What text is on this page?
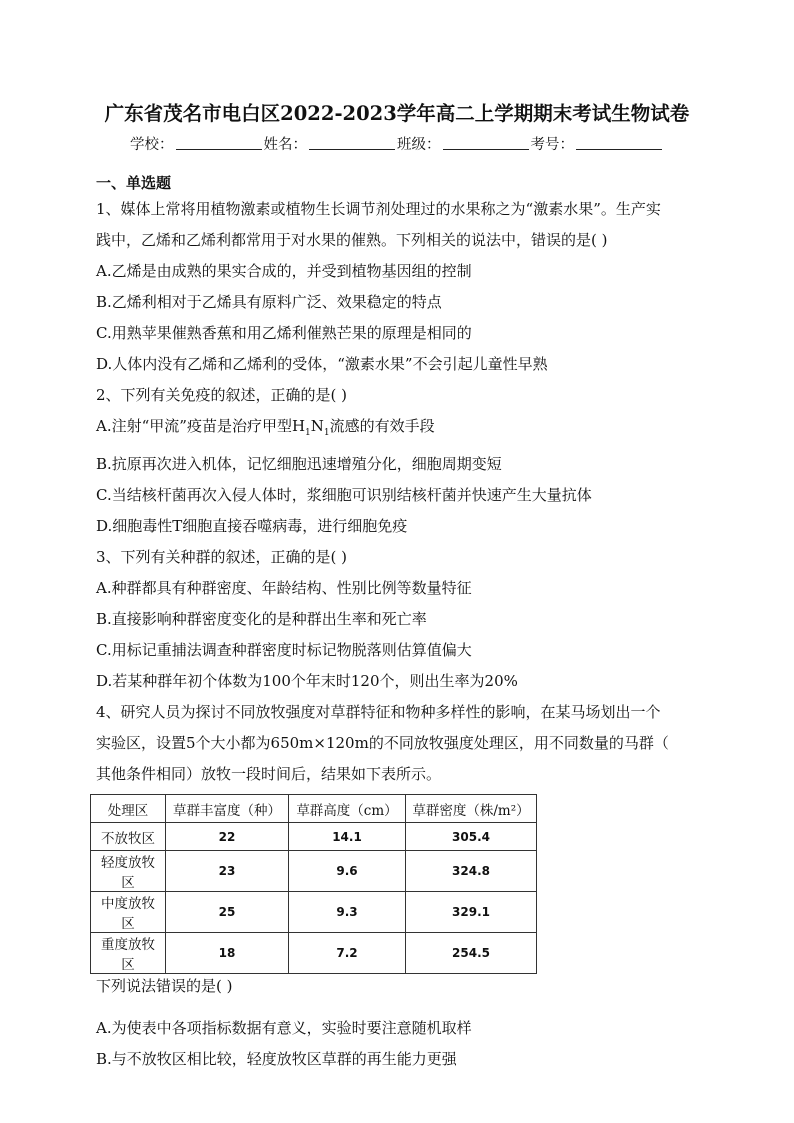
广东省茂名市电白区2022-2023学年高二上学期期末考试生物试卷
学校：	姓名：	班级：	考号：
一、单选题

1、媒体上常将用植物激素或植物生长调节剂处理过的水果称之为“激素水果”。生产实

践中，乙烯和乙烯利都常用于对水果的催熟。下列相关的说法中，错误的是( )

A.乙烯是由成熟的果实合成的，并受到植物基因组的控制

B.乙烯利相对于乙烯具有原料广泛、效果稳定的特点

C.用熟苹果催熟香蕉和用乙烯利催熟芒果的原理是相同的

D.人体内没有乙烯和乙烯利的受体，“激素水果”不会引起儿童性早熟

2、下列有关免疫的叙述，正确的是( )

A.注射“甲流”疫苗是治疗甲型$H_1N_1$流感的有效手段

B.抗原再次进入机体，记忆细胞迅速增殖分化，细胞周期变短

C.当结核杆菌再次入侵人体时，浆细胞可识别结核杆菌并快速产生大量抗体

D.细胞毒性T细胞直接吞噬病毒，进行细胞免疫

3、下列有关种群的叙述，正确的是( )

A.种群都具有种群密度、年龄结构、性别比例等数量特征

B.直接影响种群密度变化的是种群出生率和死亡率

C.用标记重捕法调查种群密度时标记物脱落则估算值偏大

D.若某种群年初个体数为100个年末时120个，则出生率为20%

4、研究人员为探讨不同放牧强度对草群特征和物种多样性的影响，在某马场划出一个

实验区，设置5个大小都为650m×120m的不同放牧强度处理区，用不同数量的马群（

其他条件相同）放牧一段时间后，结果如下表所示。

处理区	草群丰富度（种）	草群高度（cm）	草群密度（株/m²）
不放牧区	22	14.1	305.4
轻度放牧区	23	9.6	324.8
中度放牧区	25	9.3	329.1
重度放牧区	18	7.2	254.5

下列说法错误的是( )

A.为使表中各项指标数据有意义，实验时要注意随机取样

B.与不放牧区相比较，轻度放牧区草群的再生能力更强
